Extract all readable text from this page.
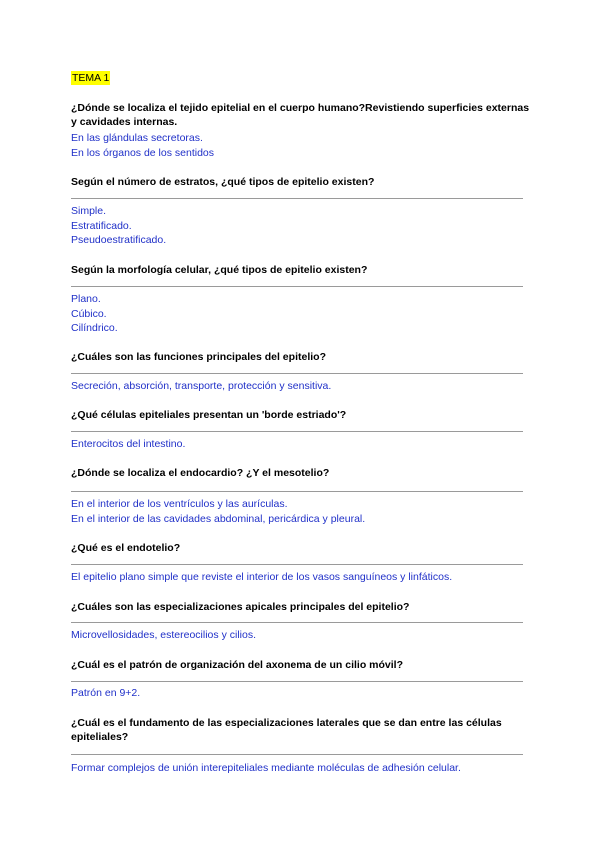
TEMA 1
¿Dónde se localiza el tejido epitelial en el cuerpo humano?Revistiendo superficies externas y cavidades internas.
En las glándulas secretoras.
En los órganos de los sentidos
Según el número de estratos, ¿qué tipos de epitelio existen?
Simple.
Estratificado.
Pseudoestratificado.
Según la morfología celular, ¿qué tipos de epitelio existen?
Plano.
Cúbico.
Cilíndrico.
¿Cuáles son las funciones principales del epitelio?
Secreción, absorción, transporte, protección y sensitiva.
¿Qué células epiteliales presentan un 'borde estriado'?
Enterocitos del intestino.
¿Dónde se localiza el endocardio? ¿Y el mesotelio?
En el interior de los ventrículos y las aurículas.
En el interior de las cavidades abdominal, pericárdica y pleural.
¿Qué es el endotelio?
El epitelio plano simple que reviste el interior de los vasos sanguíneos y linfáticos.
¿Cuáles son las especializaciones apicales principales del epitelio?
Microvellosidades, estereocilios y cilios.
¿Cuál es el patrón de organización del axonema de un cilio móvil?
Patrón en 9+2.
¿Cuál es el fundamento de las especializaciones laterales que se dan entre las células epiteliales?
Formar complejos de unión interepiteliales mediante moléculas de adhesión celular.
